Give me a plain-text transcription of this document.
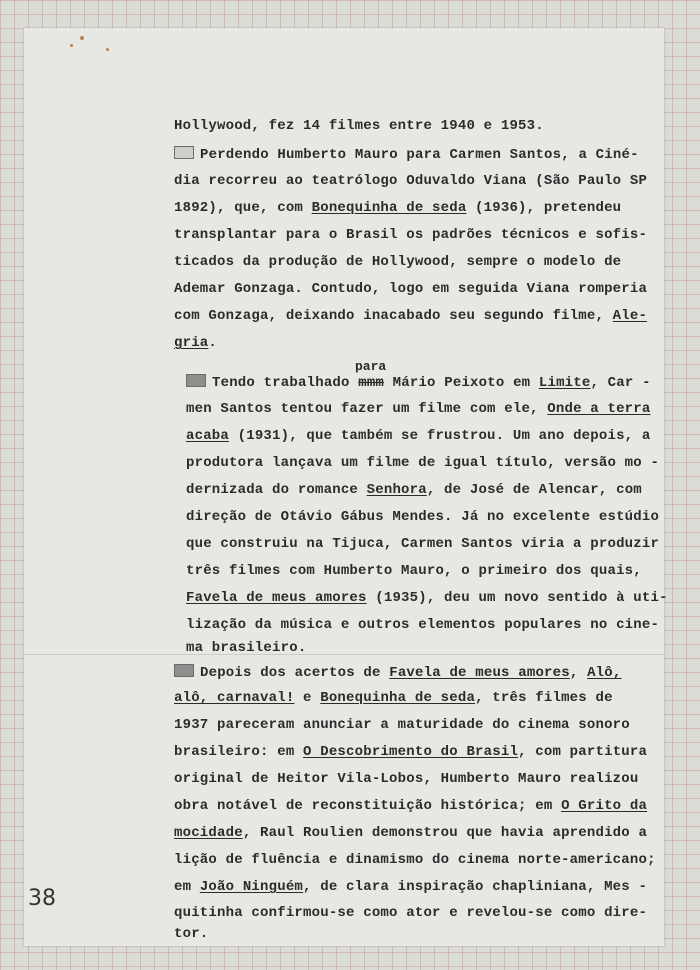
Hollywood, fez 14 filmes entre 1940 e 1953.
Perdendo Humberto Mauro para Carmen Santos, a Ciné-
dia recorreu ao teatrólogo Oduvaldo Viana (São Paulo SP
1892), que, com Bonequinha de seda (1936), pretendeu
transplantar para o Brasil os padrões técnicos e sofis-
ticados da produção de Hollywood, sempre o modelo de
Ademar Gonzaga. Contudo, logo em seguida Viana romperia
com Gonzaga, deixando inacabado seu segundo filme, Ale-
gria.
para
Tendo trabalhado mmm Mário Peixoto em Limite, Car -
men Santos tentou fazer um filme com ele, Onde a terra
acaba (1931), que também se frustrou. Um ano depois, a
produtora lançava um filme de igual título, versão mo -
dernizada do romance Senhora, de José de Alencar, com
direção de Otávio Gábus Mendes. Já no excelente estúdio
que construiu na Tijuca, Carmen Santos viria a produzir
três filmes com Humberto Mauro, o primeiro dos quais,
Favela de meus amores (1935), deu um novo sentido à uti-
lização da música e outros elementos populares no cine-
ma brasileiro.
Depois dos acertos de Favela de meus amores, Alô,
alô, carnaval! e Bonequinha de seda, três filmes de
1937 pareceram anunciar a maturidade do cinema sonoro
brasileiro: em O Descobrimento do Brasil, com partitura
original de Heitor Vila-Lobos, Humberto Mauro realizou
obra notável de reconstituição histórica; em O Grito da
mocidade, Raul Roulien demonstrou que havia aprendido a
lição de fluência e dinamismo do cinema norte-americano;
em João Ninguém, de clara inspiração chapliniana, Mes -
quitinha confirmou-se como ator e revelou-se como dire-
tor.
38
